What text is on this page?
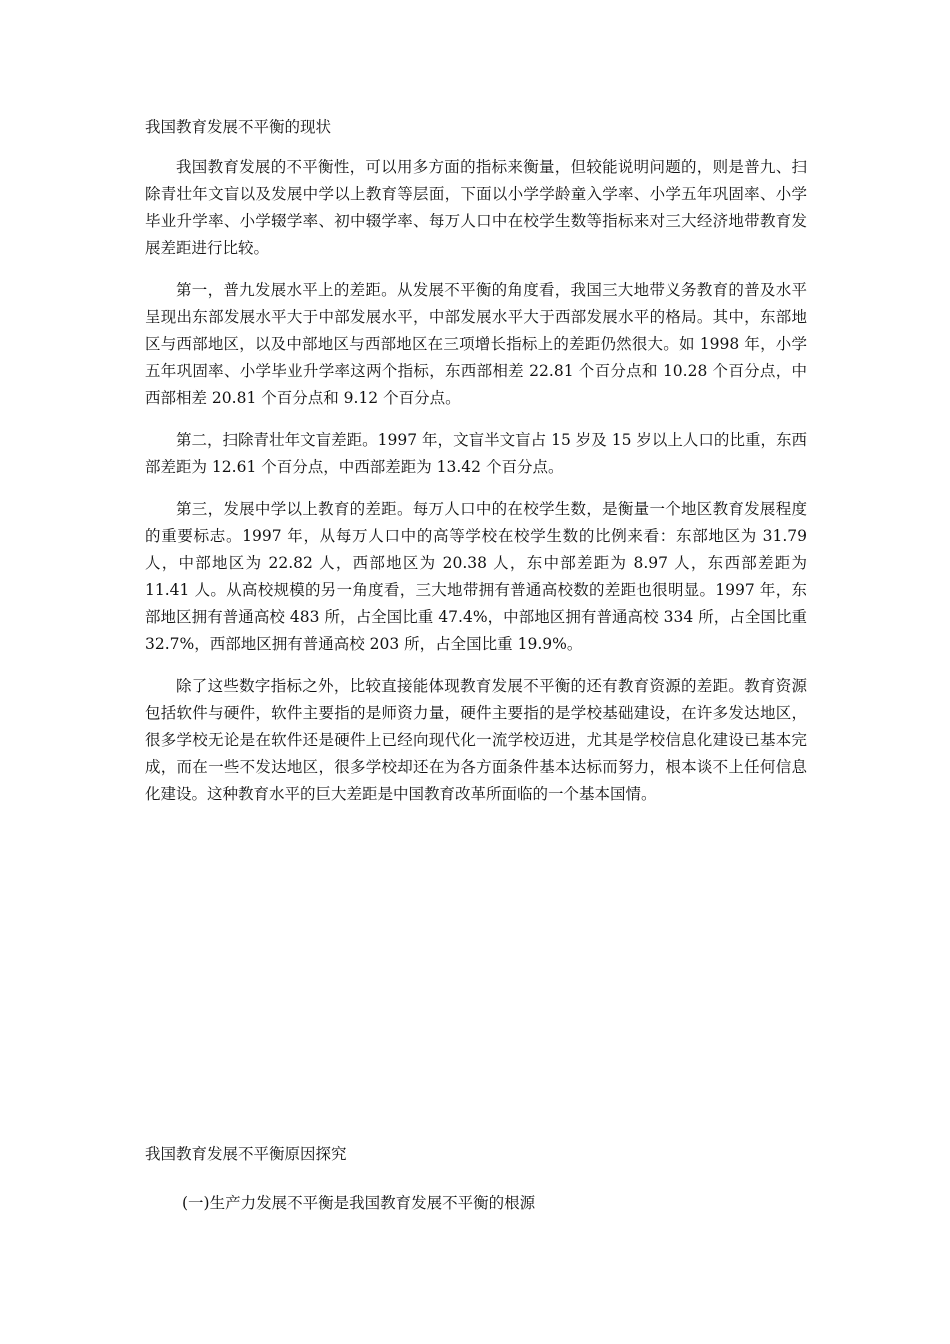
我国教育发展不平衡的现状

我国教育发展的不平衡性，可以用多方面的指标来衡量，但较能说明问题的，则是普九、扫除青壮年文盲以及发展中学以上教育等层面，下面以小学学龄童入学率、小学五年巩固率、小学毕业升学率、小学辍学率、初中辍学率、每万人口中在校学生数等指标来对三大经济地带教育发展差距进行比较。

第一，普九发展水平上的差距。从发展不平衡的角度看，我国三大地带义务教育的普及水平呈现出东部发展水平大于中部发展水平，中部发展水平大于西部发展水平的格局。其中，东部地区与西部地区，以及中部地区与西部地区在三项增长指标上的差距仍然很大。如 1998 年，小学五年巩固率、小学毕业升学率这两个指标，东西部相差 22.81 个百分点和 10.28 个百分点，中西部相差 20.81 个百分点和 9.12 个百分点。

第二，扫除青壮年文盲差距。1997 年，文盲半文盲占 15 岁及 15 岁以上人口的比重，东西部差距为 12.61 个百分点，中西部差距为 13.42 个百分点。

第三，发展中学以上教育的差距。每万人口中的在校学生数，是衡量一个地区教育发展程度的重要标志。1997 年，从每万人口中的高等学校在校学生数的比例来看：东部地区为 31.79 人，中部地区为 22.82 人，西部地区为 20.38 人，东中部差距为 8.97 人，东西部差距为 11.41 人。从高校规模的另一角度看，三大地带拥有普通高校数的差距也很明显。1997 年，东部地区拥有普通高校 483 所，占全国比重 47.4%，中部地区拥有普通高校 334 所，占全国比重 32.7%，西部地区拥有普通高校 203 所，占全国比重 19.9%。

除了这些数字指标之外，比较直接能体现教育发展不平衡的还有教育资源的差距。教育资源包括软件与硬件，软件主要指的是师资力量，硬件主要指的是学校基础建设，在许多发达地区，很多学校无论是在软件还是硬件上已经向现代化一流学校迈进，尤其是学校信息化建设已基本完成，而在一些不发达地区，很多学校却还在为各方面条件基本达标而努力，根本谈不上任何信息化建设。这种教育水平的巨大差距是中国教育改革所面临的一个基本国情。

我国教育发展不平衡原因探究

(一)生产力发展不平衡是我国教育发展不平衡的根源
